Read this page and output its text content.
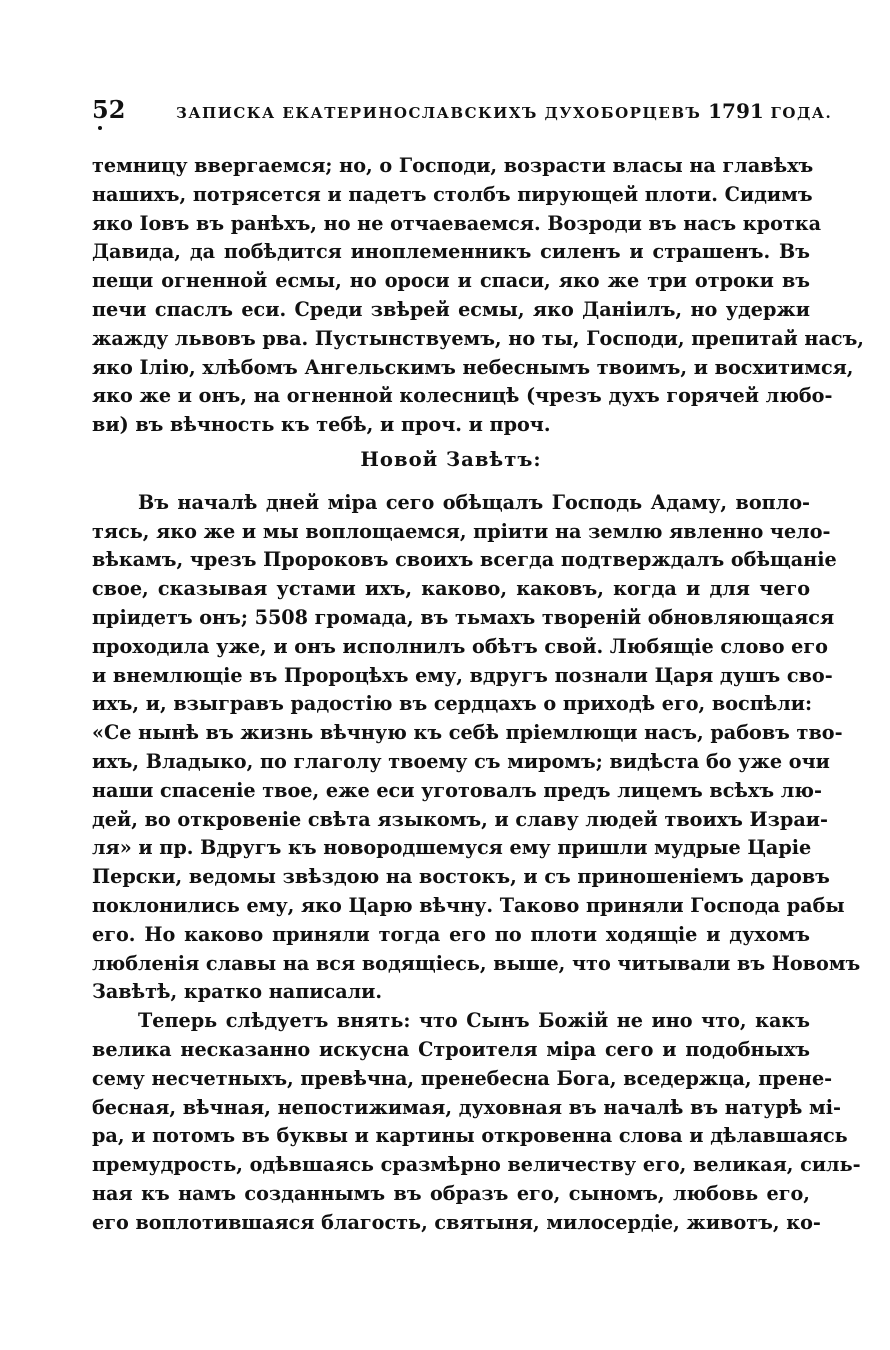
52	ЗАПИСКА ЕКАТЕРИНОСЛАВСКИХЪ ДУХОБОРЦЕВЪ 1791 ГОДА.
темницу ввергаемся; но, о Господи, возрасти власы на главѣхъ
нашихъ, потрясется и падетъ столбъ пирующей плоти. Сидимъ
яко Іовъ въ ранѣхъ, но не отчаеваемся. Возроди въ насъ кротка
Давида, да побѣдится иноплеменникъ силенъ и страшенъ. Въ
пещи огненной есмы, но ороси и спаси, яко же три отроки въ
печи спаслъ еси. Среди звѣрей есмы, яко Даніилъ, но удержи
жажду львовъ рва. Пустынствуемъ, но ты, Господи, препитай насъ,
яко Ілію, хлѣбомъ Ангельскимъ небеснымъ твоимъ, и восхитимся,
яко же и онъ, на огненной колесницѣ (чрезъ духъ горячей любо-
ви) въ вѣчность къ тебѣ, и проч. и проч.
Новой Завѣтъ:
Въ началѣ дней міра сего обѣщалъ Господь Адаму, вопло-
тясь, яко же и мы воплощаемся, пріити на землю явленно чело-
вѣкамъ, чрезъ Пророковъ своихъ всегда подтверждалъ обѣщаніе
свое, сказывая устами ихъ, каково, каковъ, когда и для чего
пріидетъ онъ; 5508 громада, въ тьмахъ твореній обновляющаяся
проходила уже, и онъ исполнилъ обѣтъ свой. Любящіе слово его
и внемлющіе въ Пророцѣхъ ему, вдругъ познали Царя душъ сво-
ихъ, и, взыгравъ радостію въ сердцахъ о приходѣ его, воспѣли:
«Се нынѣ въ жизнь вѣчную къ себѣ пріемлющи насъ, рабовъ тво-
ихъ, Владыко, по глаголу твоему съ миромъ; видѣста бо уже очи
наши спасеніе твое, еже еси уготовалъ предъ лицемъ всѣхъ лю-
дей, во откровеніе свѣта языкомъ, и славу людей твоихъ Израи-
ля» и пр. Вдругъ къ новородшемуся ему пришли мудрые Царіе
Перски, ведомы звѣздою на востокъ, и съ приношеніемъ даровъ
поклонились ему, яко Царю вѣчну. Таково приняли Господа рабы
его. Но каково приняли тогда его по плоти ходящіе и духомъ
любленія славы на вся водящіесь, выше, что читывали въ Новомъ
Завѣтѣ, кратко написали.
Теперь слѣдуетъ внять: что Сынъ Божій не ино что, какъ
велика несказанно искусна Строителя міра сего и подобныхъ
сему несчетныхъ, превѣчна, пренебесна Бога, вседержца, прене-
бесная, вѣчная, непостижимая, духовная въ началѣ въ натурѣ мі-
ра, и потомъ въ буквы и картины откровенна слова и дѣлавшаясь
премудрость, одѣвшаясь сразмѣрно величеству его, великая, силь-
ная къ намъ созданнымъ въ образъ его, сыномъ, любовь его,
его воплотившаяся благость, святыня, милосердіе, животъ, ко-
